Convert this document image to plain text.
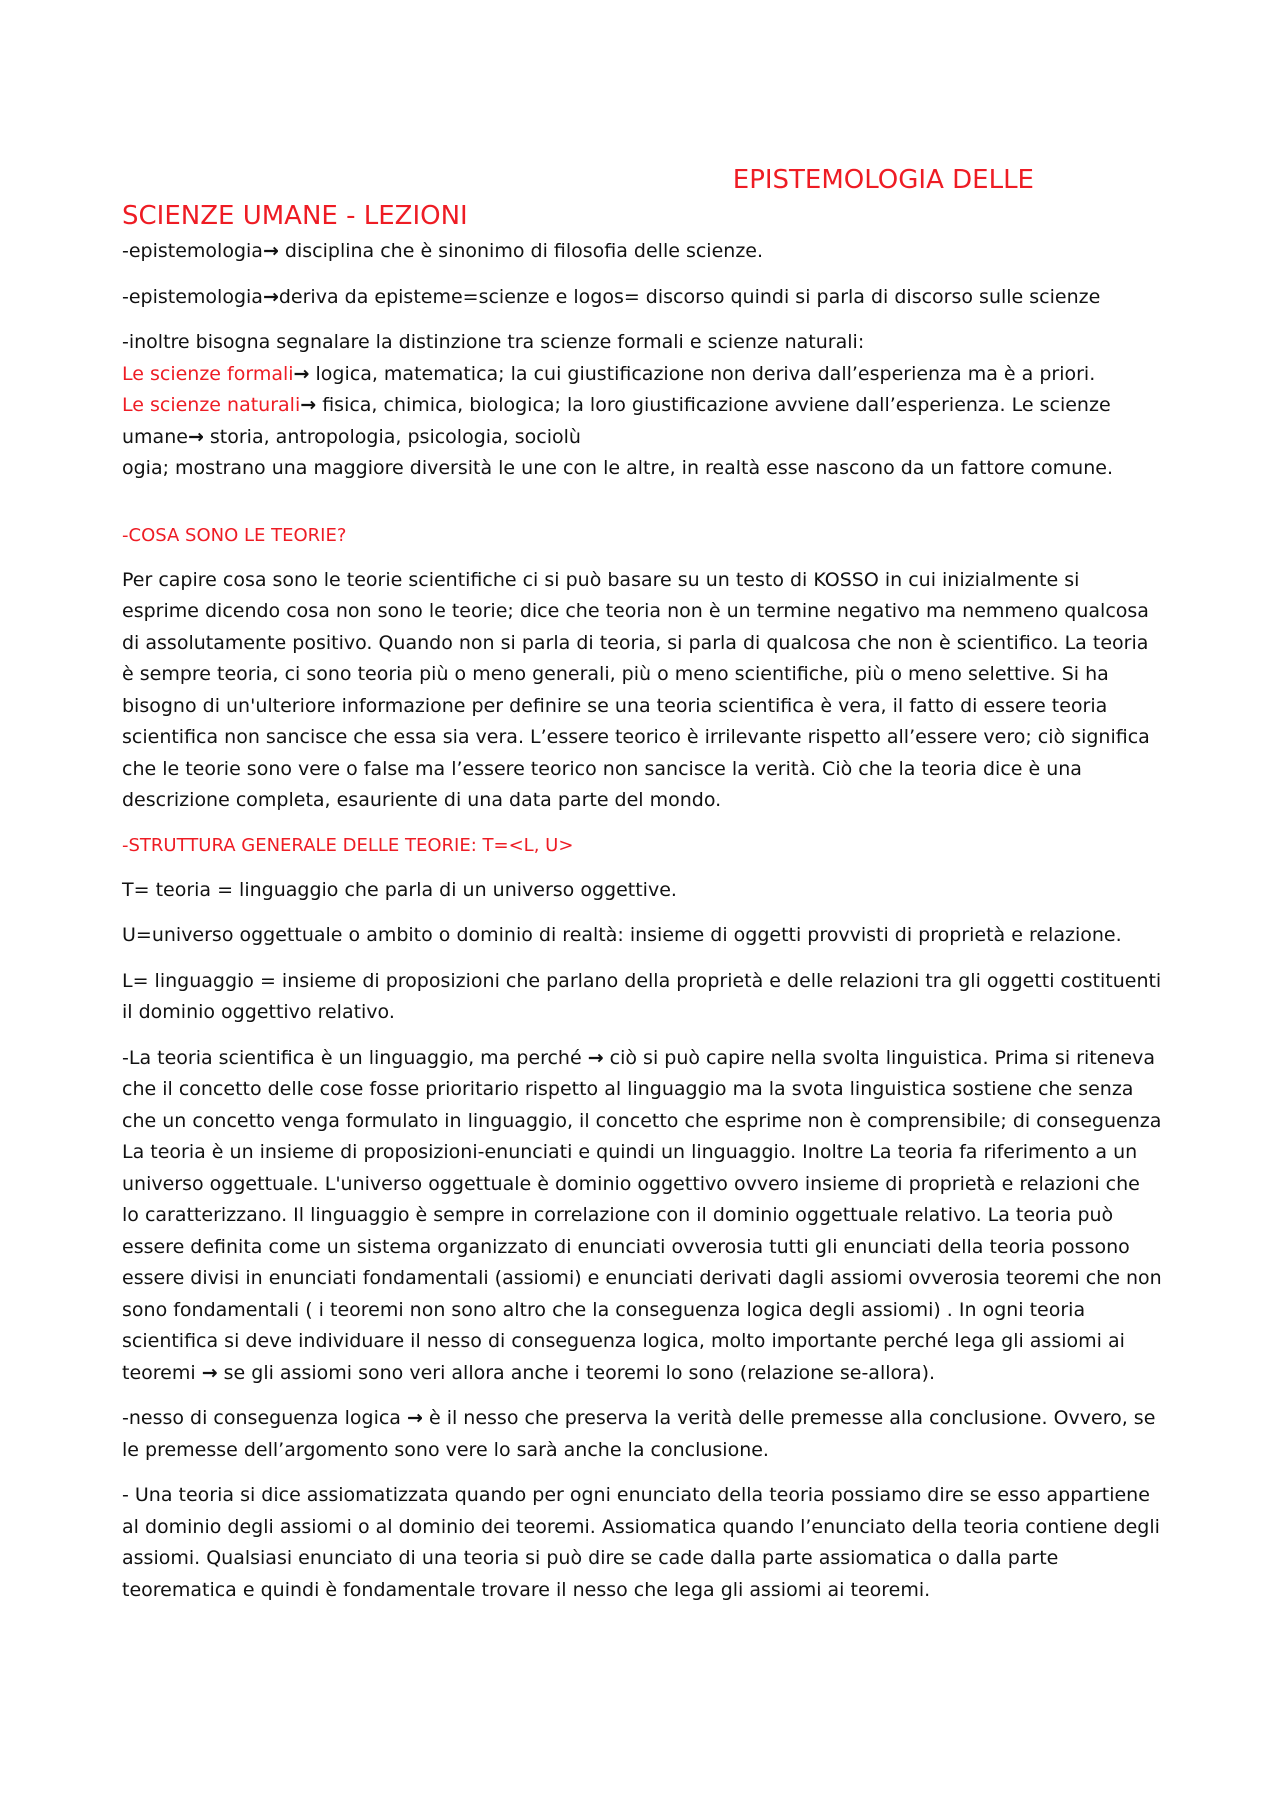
EPISTEMOLOGIA DELLE
SCIENZE UMANE - LEZIONI

-epistemologia→ disciplina che è sinonimo di filosofia delle scienze.

-epistemologia→deriva da episteme=scienze e logos= discorso quindi si parla di discorso sulle scienze

-inoltre bisogna segnalare la distinzione tra scienze formali e scienze naturali:
Le scienze formali→ logica, matematica; la cui giustificazione non deriva dall’esperienza ma è a priori.
Le scienze naturali→ fisica, chimica, biologica; la loro giustificazione avviene dall’esperienza. Le scienze umane→ storia, antropologia, psicologia, sociolù
ogia; mostrano una maggiore diversità le une con le altre, in realtà esse nascono da un fattore comune.

-COSA SONO LE TEORIE?

Per capire cosa sono le teorie scientifiche ci si può basare su un testo di KOSSO in cui inizialmente si esprime dicendo cosa non sono le teorie; dice che teoria non è un termine negativo ma nemmeno qualcosa di assolutamente positivo. Quando non si parla di teoria, si parla di qualcosa che non è scientifico. La teoria è sempre teoria, ci sono teoria più o meno generali, più o meno scientifiche, più o meno selettive. Si ha bisogno di un'ulteriore informazione per definire se una teoria scientifica è vera, il fatto di essere teoria scientifica non sancisce che essa sia vera. L’essere teorico è irrilevante rispetto all’essere vero; ciò significa che le teorie sono vere o false ma l’essere teorico non sancisce la verità. Ciò che la teoria dice è una descrizione completa, esauriente di una data parte del mondo.

-STRUTTURA GENERALE DELLE TEORIE: T=<L, U>

T= teoria = linguaggio che parla di un universo oggettive.

U=universo oggettuale o ambito o dominio di realtà: insieme di oggetti provvisti di proprietà e relazione.

L= linguaggio = insieme di proposizioni che parlano della proprietà e delle relazioni tra gli oggetti costituenti il dominio oggettivo relativo.

-La teoria scientifica è un linguaggio, ma perché → ciò si può capire nella svolta linguistica. Prima si riteneva che il concetto delle cose fosse prioritario rispetto al linguaggio ma la svota linguistica sostiene che senza che un concetto venga formulato in linguaggio, il concetto che esprime non è comprensibile; di conseguenza La teoria è un insieme di proposizioni-enunciati e quindi un linguaggio. Inoltre La teoria fa riferimento a un universo oggettuale. L'universo oggettuale è dominio oggettivo ovvero insieme di proprietà e relazioni che lo caratterizzano. Il linguaggio è sempre in correlazione con il dominio oggettuale relativo. La teoria può essere definita come un sistema organizzato di enunciati ovverosia tutti gli enunciati della teoria possono essere divisi in enunciati fondamentali (assiomi) e enunciati derivati dagli assiomi ovverosia teoremi che non sono fondamentali ( i teoremi non sono altro che la conseguenza logica degli assiomi) . In ogni teoria scientifica si deve individuare il nesso di conseguenza logica, molto importante perché lega gli assiomi ai teoremi → se gli assiomi sono veri allora anche i teoremi lo sono (relazione se-allora).

-nesso di conseguenza logica → è il nesso che preserva la verità delle premesse alla conclusione. Ovvero, se le premesse dell’argomento sono vere lo sarà anche la conclusione.

- Una teoria si dice assiomatizzata quando per ogni enunciato della teoria possiamo dire se esso appartiene al dominio degli assiomi o al dominio dei teoremi. Assiomatica quando l’enunciato della teoria contiene degli assiomi. Qualsiasi enunciato di una teoria si può dire se cade dalla parte assiomatica o dalla parte teorematica e quindi è fondamentale trovare il nesso che lega gli assiomi ai teoremi.
